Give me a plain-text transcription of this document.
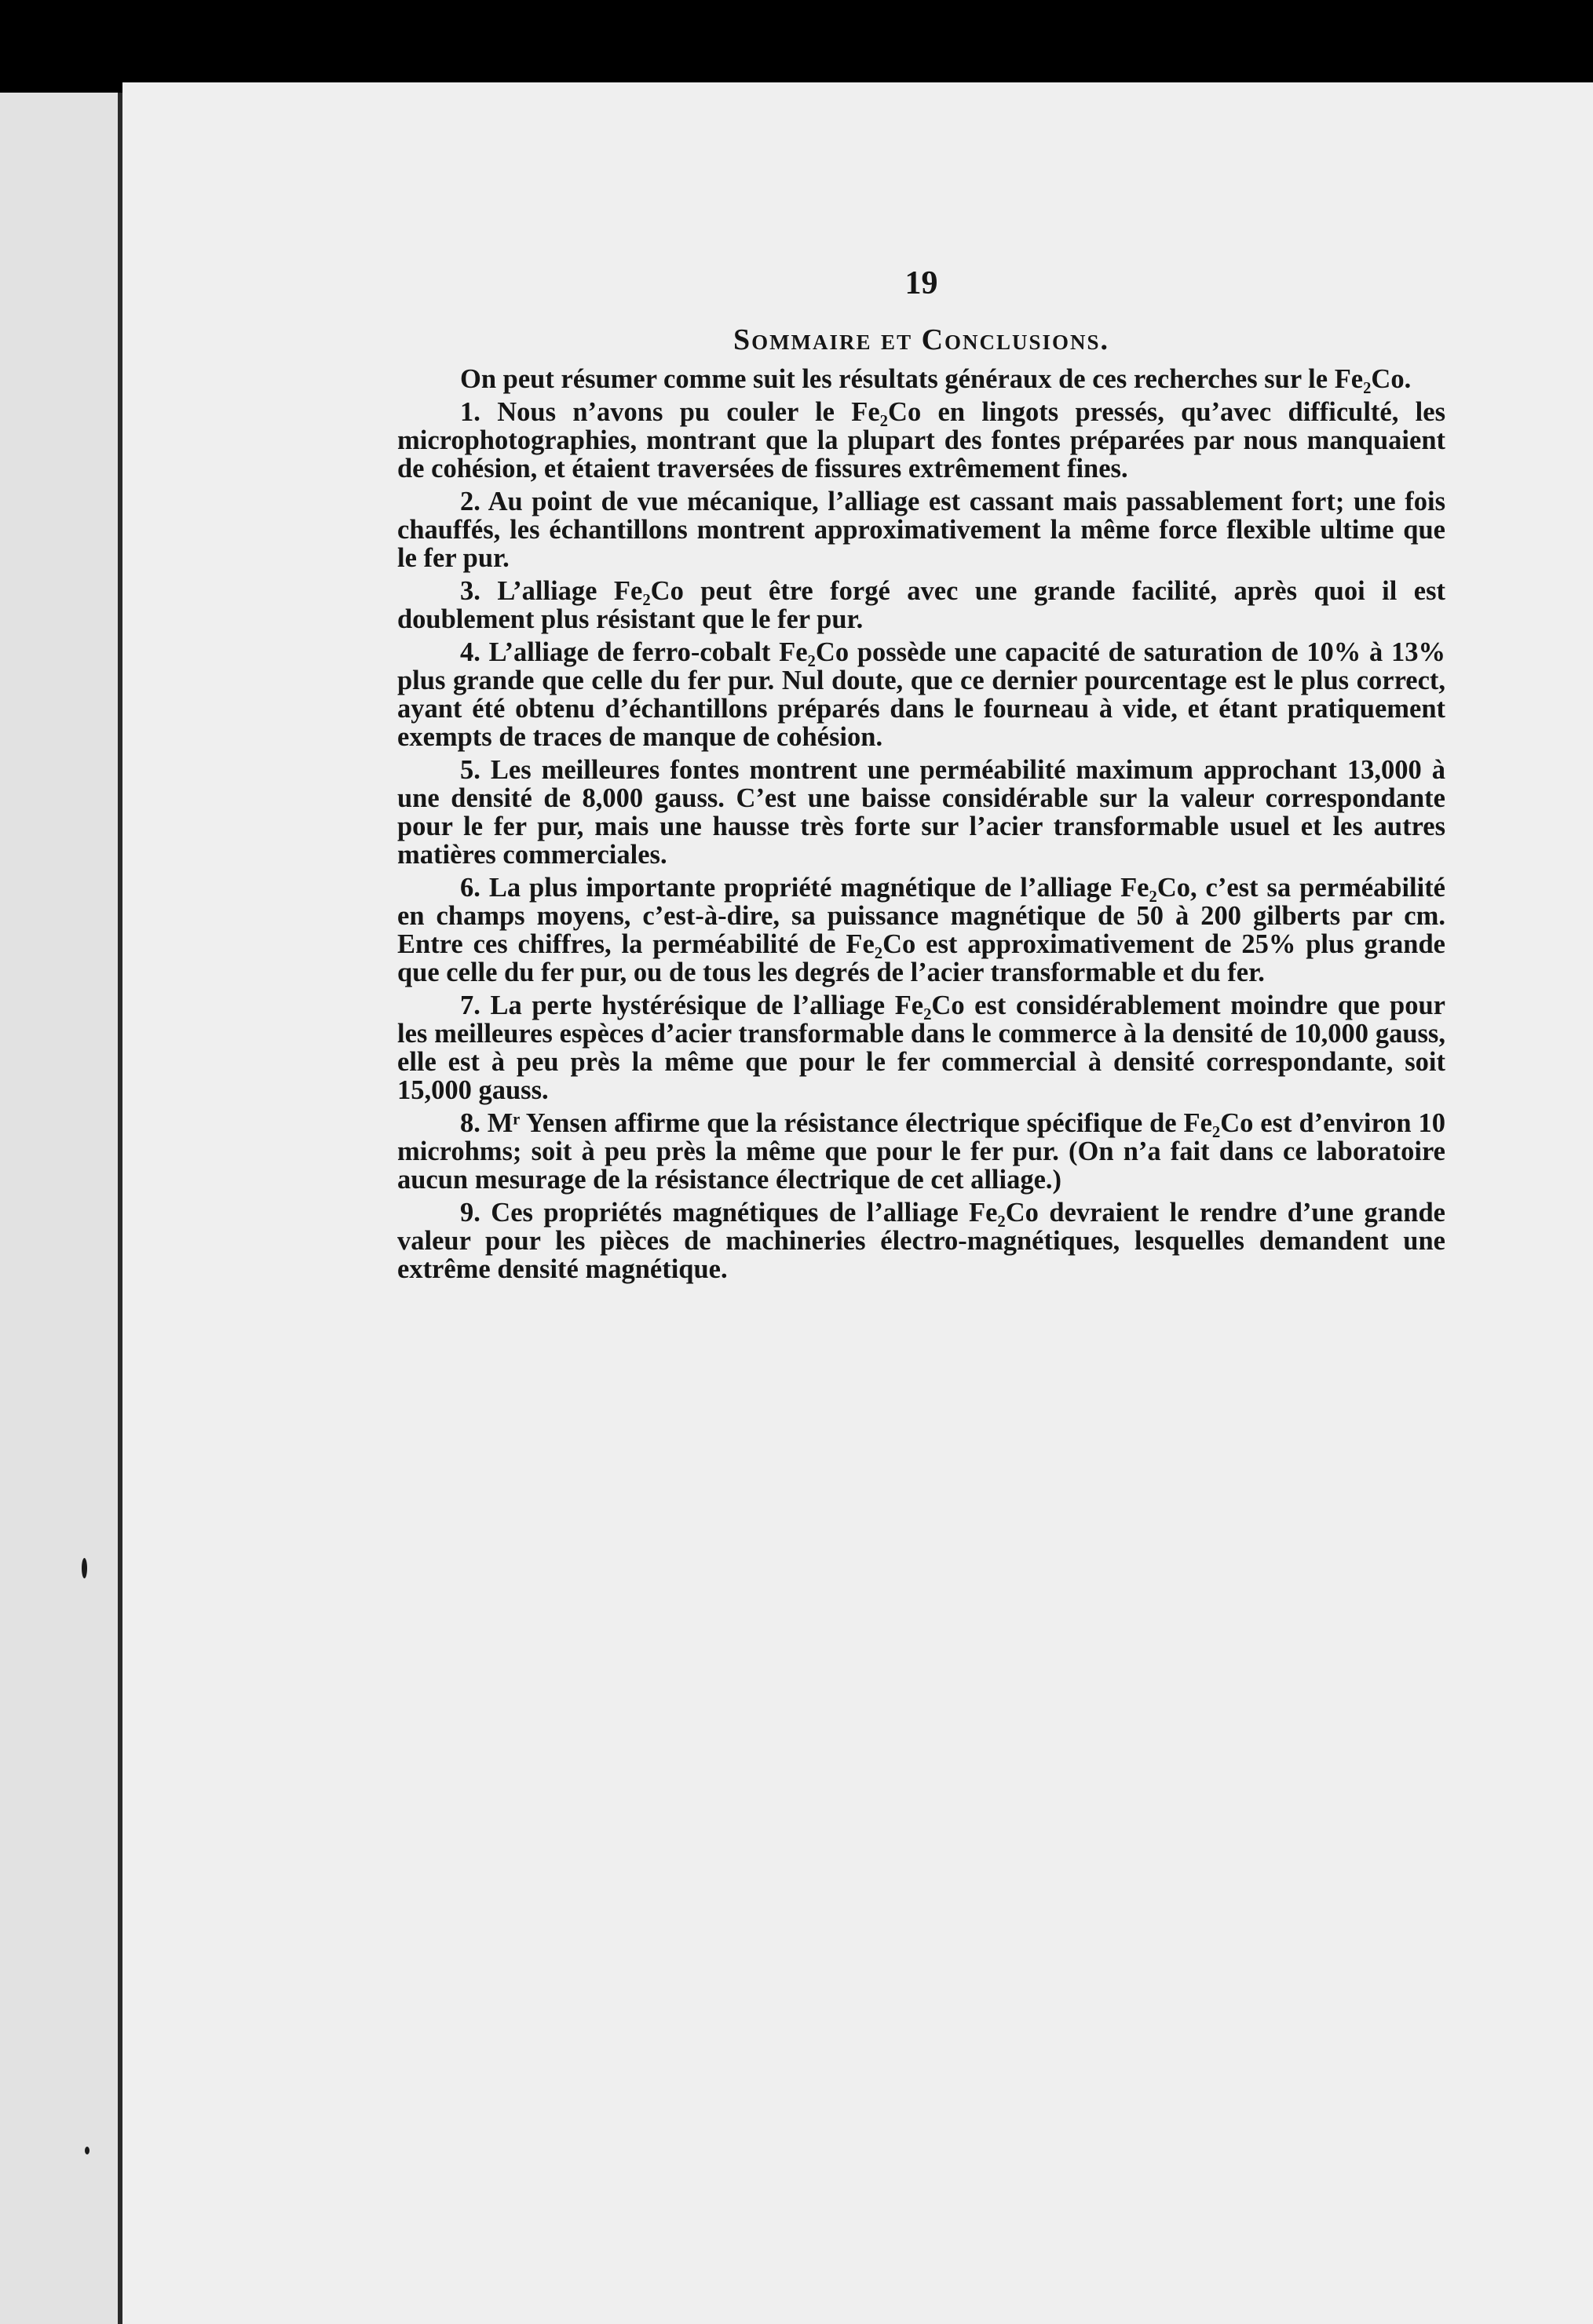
19
Sommaire et Conclusions.

On peut résumer comme suit les résultats généraux de ces recherches sur le Fe₂Co.

1. Nous n’avons pu couler le Fe₂Co en lingots pressés, qu’avec difficulté, les microphotographies, montrant que la plupart des fontes préparées par nous manquaient de cohésion, et étaient traversées de fissures extrêmement fines.

2. Au point de vue mécanique, l’alliage est cassant mais passablement fort; une fois chauffés, les échantillons montrent approximativement la même force flexible ultime que le fer pur.

3. L’alliage Fe₂Co peut être forgé avec une grande facilité, après quoi il est doublement plus résistant que le fer pur.

4. L’alliage de ferro-cobalt Fe₂Co possède une capacité de saturation de 10% à 13% plus grande que celle du fer pur. Nul doute, que ce dernier pourcentage est le plus correct, ayant été obtenu d’échantillons préparés dans le fourneau à vide, et étant pratiquement exempts de traces de manque de cohésion.

5. Les meilleures fontes montrent une perméabilité maximum approchant 13,000 à une densité de 8,000 gauss. C’est une baisse considérable sur la valeur correspondante pour le fer pur, mais une hausse très forte sur l’acier transformable usuel et les autres matières commerciales.

6. La plus importante propriété magnétique de l’alliage Fe₂Co, c’est sa perméabilité en champs moyens, c’est-à-dire, sa puissance magnétique de 50 à 200 gilberts par cm. Entre ces chiffres, la perméabilité de Fe₂Co est approximativement de 25% plus grande que celle du fer pur, ou de tous les degrés de l’acier transformable et du fer.

7. La perte hystérésique de l’alliage Fe₂Co est considérablement moindre que pour les meilleures espèces d’acier transformable dans le commerce à la densité de 10,000 gauss, elle est à peu près la même que pour le fer commercial à densité correspondante, soit 15,000 gauss.

8. Mʳ Yensen affirme que la résistance électrique spécifique de Fe₂Co est d’environ 10 microhms; soit à peu près la même que pour le fer pur. (On n’a fait dans ce laboratoire aucun mesurage de la résistance électrique de cet alliage.)

9. Ces propriétés magnétiques de l’alliage Fe₂Co devraient le rendre d’une grande valeur pour les pièces de machineries électro-magnétiques, lesquelles demandent une extrême densité magnétique.
